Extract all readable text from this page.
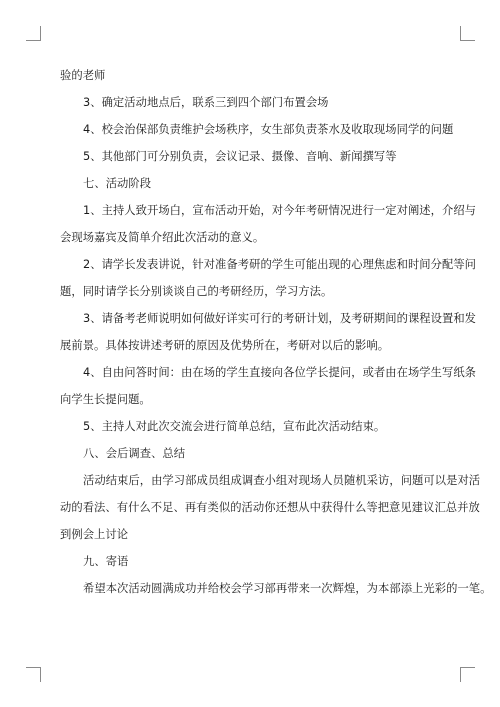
验的老师
3、确定活动地点后，联系三到四个部门布置会场
4、校会治保部负责维护会场秩序，女生部负责茶水及收取现场同学的问题
5、其他部门可分别负责，会议记录、摄像、音响、新闻撰写等
七、活动阶段
1、主持人致开场白，宣布活动开始，对今年考研情况进行一定对阐述，介绍与
会现场嘉宾及简单介绍此次活动的意义。
2、请学长发表讲说，针对准备考研的学生可能出现的心理焦虑和时间分配等问
题，同时请学长分别谈谈自己的考研经历，学习方法。
3、请备考老师说明如何做好详实可行的考研计划，及考研期间的课程设置和发
展前景。具体按讲述考研的原因及优势所在，考研对以后的影响。
4、自由问答时间：由在场的学生直接向各位学长提问，或者由在场学生写纸条
向学生长提问题。
5、主持人对此次交流会进行简单总结，宣布此次活动结束。
八、会后调查、总结
活动结束后，由学习部成员组成调查小组对现场人员随机采访，问题可以是对活
动的看法、有什么不足、再有类似的活动你还想从中获得什么等把意见建议汇总并放
到例会上讨论
九、寄语
希望本次活动圆满成功并给校会学习部再带来一次辉煌，为本部添上光彩的一笔。
